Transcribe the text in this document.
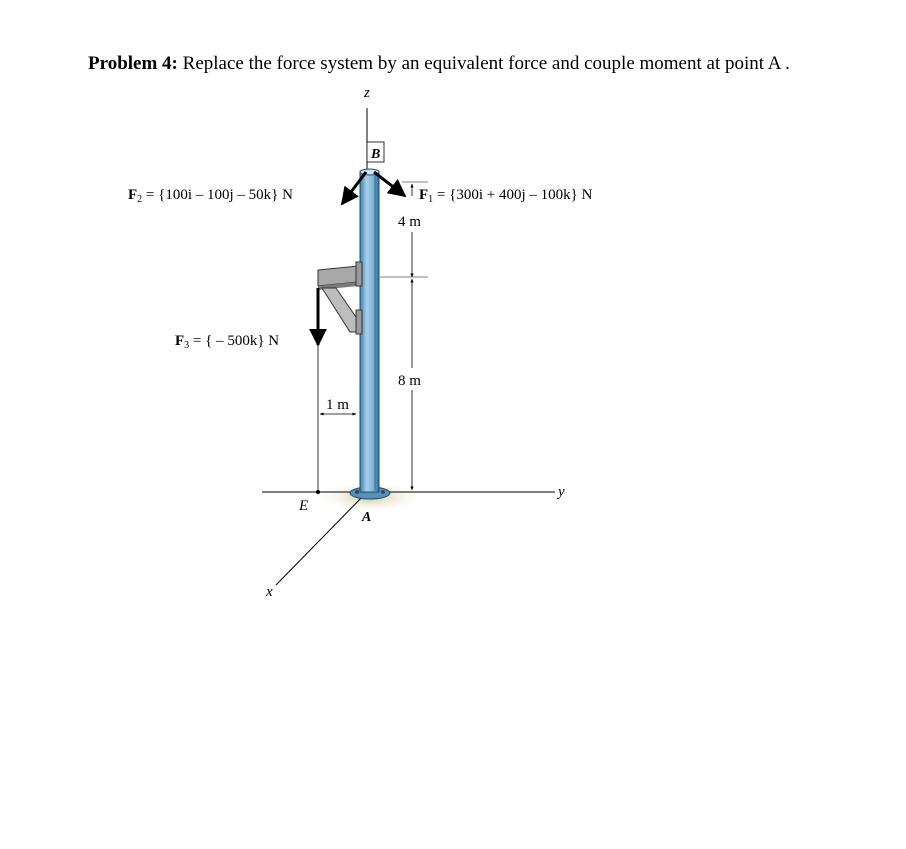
Problem 4: Replace the force system by an equivalent force and couple moment at point A .
z
y
x
E
1 m
B
A
$F_1 = \{300i + 400j - 100k\}$ N
$F_2 = \{100i - 100j - 50k\}$ N
$F_3$ = { – 500k} N
4 m
8 m
